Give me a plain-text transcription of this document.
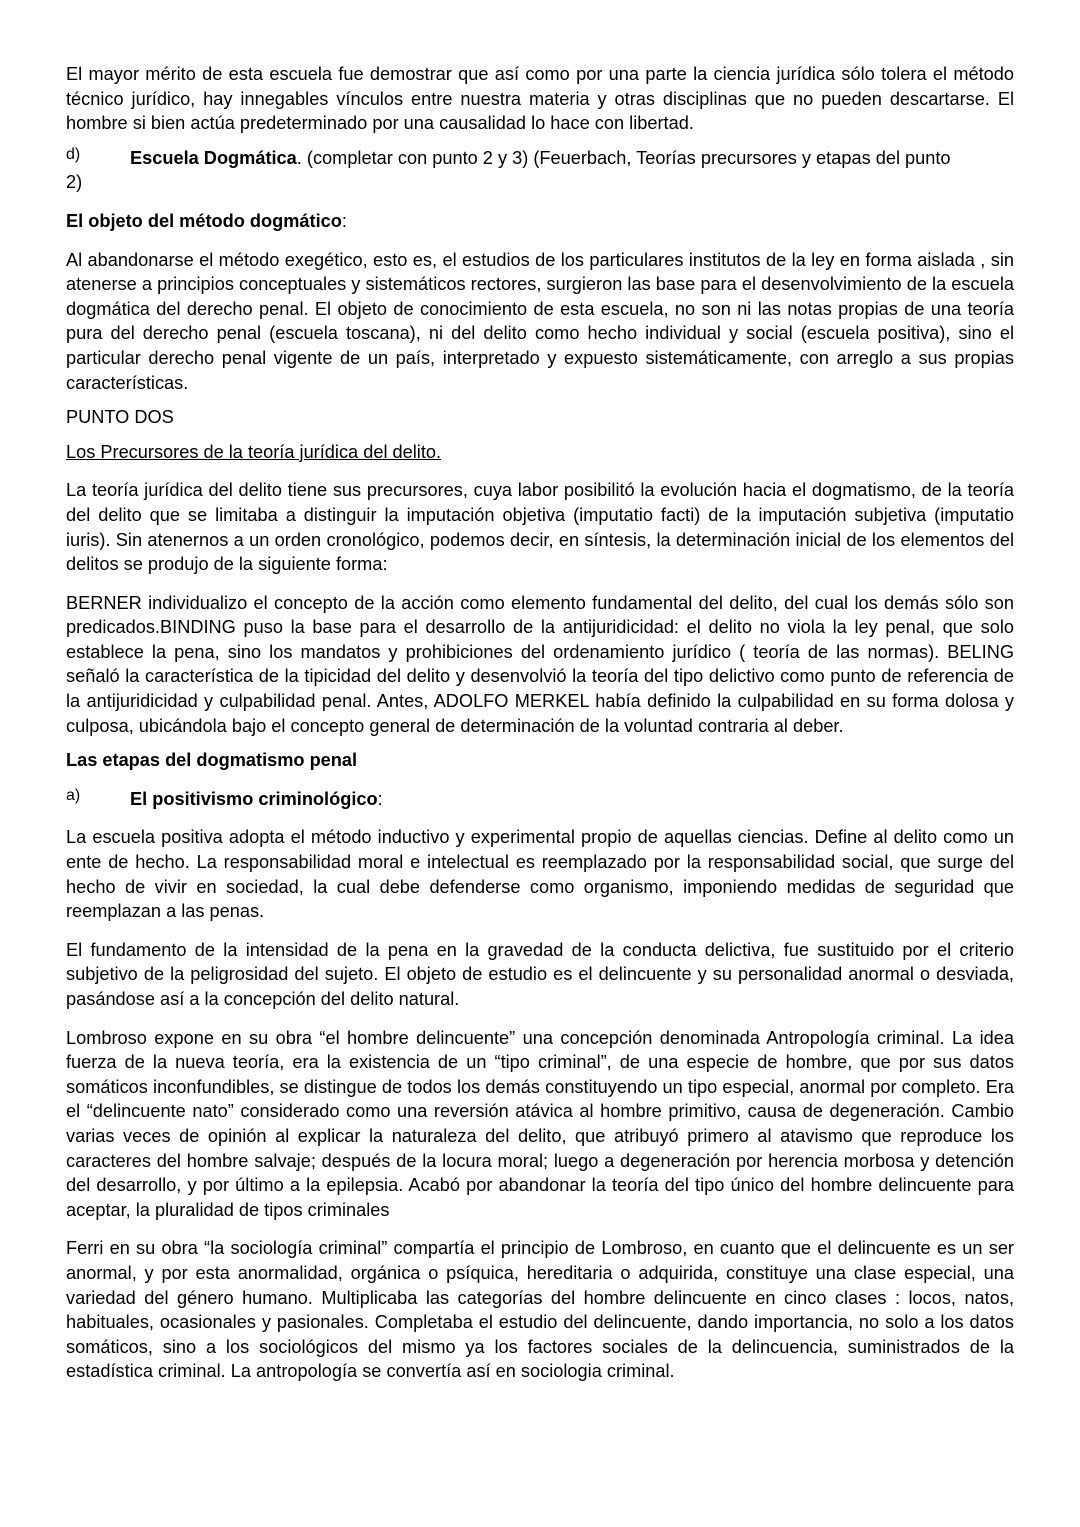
El mayor mérito de esta escuela fue demostrar que así como por una parte la ciencia jurídica sólo tolera el método técnico jurídico, hay innegables vínculos entre nuestra materia y otras disciplinas que no pueden descartarse. El hombre si bien actúa predeterminado por una causalidad lo hace con libertad.

d)	Escuela Dogmática. (completar con punto 2 y 3) (Feuerbach, Teorías precursores y etapas del punto

2)

El objeto del método dogmático:

Al abandonarse el método exegético, esto es, el estudios de los particulares institutos de la ley en forma aislada , sin atenerse a principios conceptuales y sistemáticos rectores, surgieron las base para el desenvolvimiento de la escuela dogmática del derecho penal. El objeto de conocimiento de esta escuela, no son ni las notas propias de una teoría pura del derecho penal (escuela toscana), ni del delito como hecho individual y social (escuela positiva), sino el particular derecho penal vigente de un país, interpretado y expuesto sistemáticamente, con arreglo a sus propias características.

PUNTO DOS

Los Precursores de la teoría jurídica del delito.

La teoría jurídica del delito tiene sus precursores, cuya labor posibilitó la evolución hacia el dogmatismo, de la teoría del delito que se limitaba a distinguir la imputación objetiva (imputatio facti) de la imputación subjetiva (imputatio iuris). Sin atenernos a un orden cronológico, podemos decir, en síntesis, la determinación inicial de los elementos del delitos se produjo de la siguiente forma:

BERNER individualizo el concepto de la acción como elemento fundamental del delito, del cual los demás sólo son predicados.BINDING puso la base para el desarrollo de la antijuridicidad: el delito no viola la ley penal, que solo establece la pena, sino los mandatos y prohibiciones del ordenamiento jurídico ( teoría de las normas). BELING señaló la característica de la tipicidad del delito y desenvolvió la teoría del tipo delictivo como punto de referencia de la antijuridicidad y culpabilidad penal. Antes, ADOLFO MERKEL había definido la culpabilidad en su forma dolosa y culposa, ubicándola bajo el concepto general de determinación de la voluntad contraria al deber.

Las etapas del dogmatismo penal

a)	El positivismo criminológico:

La escuela positiva adopta el método inductivo y experimental propio de aquellas ciencias. Define al delito como un ente de hecho. La responsabilidad moral e intelectual es reemplazado por la responsabilidad social, que surge del hecho de vivir en sociedad, la cual debe defenderse como organismo, imponiendo medidas de seguridad que reemplazan a las penas.

El fundamento de la intensidad de la pena en la gravedad de la conducta delictiva, fue sustituido por el criterio subjetivo de la peligrosidad del sujeto. El objeto de estudio es el delincuente y su personalidad anormal o desviada, pasándose así a la concepción del delito natural.

Lombroso expone en su obra “el hombre delincuente” una concepción denominada Antropología criminal. La idea fuerza de la nueva teoría, era la existencia de un “tipo criminal”, de una especie de hombre, que por sus datos somáticos inconfundibles, se distingue de todos los demás constituyendo un tipo especial, anormal por completo. Era el “delincuente nato” considerado como una reversión atávica al hombre primitivo, causa de degeneración. Cambio varias veces de opinión al explicar la naturaleza del delito, que atribuyó primero al atavismo que reproduce los caracteres del hombre salvaje; después de la locura moral; luego a degeneración por herencia morbosa y detención del desarrollo, y por último a la epilepsia. Acabó por abandonar la teoría del tipo único del hombre delincuente para aceptar, la pluralidad de tipos criminales

Ferri en su obra “la sociología criminal” compartía el principio de Lombroso, en cuanto que el delincuente es un ser anormal, y por esta anormalidad, orgánica o psíquica, hereditaria o adquirida, constituye una clase especial, una variedad del género humano. Multiplicaba las categorías del hombre delincuente en cinco clases : locos, natos, habituales, ocasionales y pasionales. Completaba el estudio del delincuente, dando importancia, no solo a los datos somáticos, sino a los sociológicos del mismo ya los factores sociales de la delincuencia, suministrados de la estadística criminal. La antropología se convertía así en sociologia criminal.
